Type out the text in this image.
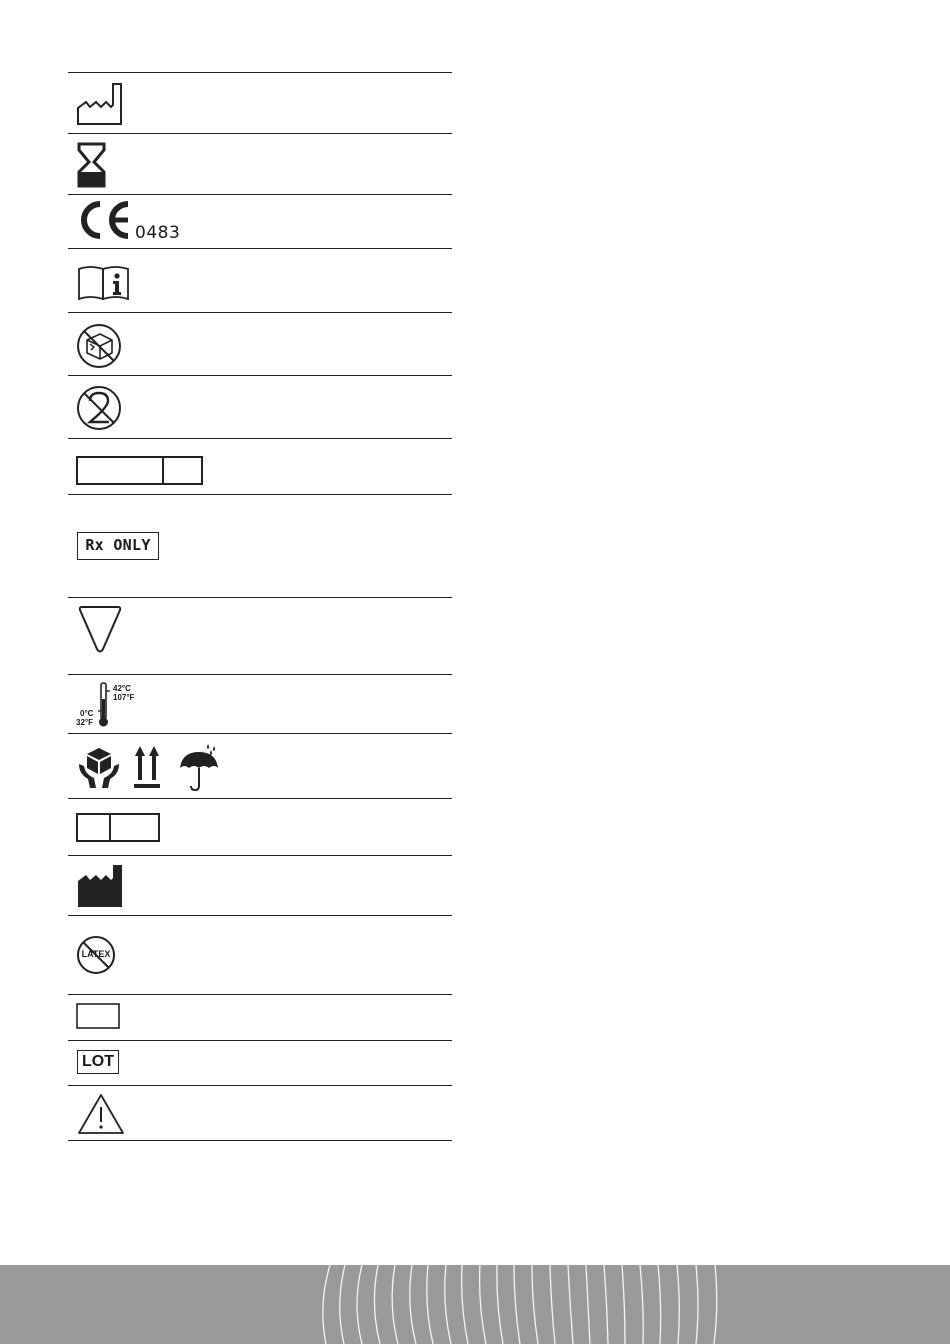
0483
Rx ONLY
42°C
107°F
0°C
32°F
LATEX
LOT
